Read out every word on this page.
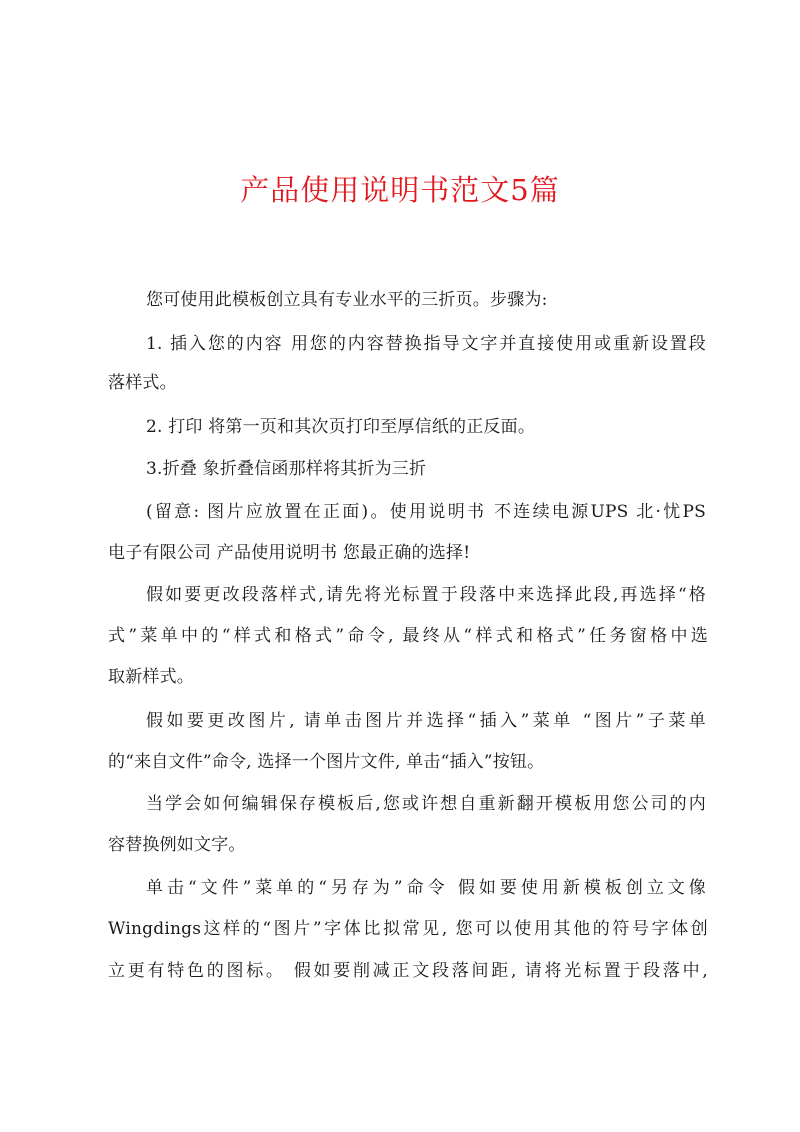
产品使用说明书范文5篇

您可使用此模板创立具有专业水平的三折页。步骤为:

1. 插入您的内容 用您的内容替换指导文字并直接使用或重新设置段

落样式。

2. 打印 将第一页和其次页打印至厚信纸的正反面。

3.折叠 象折叠信函那样将其折为三折

(留意: 图片应放置在正面)。使用说明书 不连续电源UPS 北·忧PS

电子有限公司 产品使用说明书 您最正确的选择!

假如要更改段落样式,请先将光标置于段落中来选择此段,再选择“格

式”菜单中的“样式和格式”命令, 最终从“样式和格式”任务窗格中选

取新样式。

假如要更改图片, 请单击图片并选择“插入”菜单 “图片”子菜单

的“来自文件”命令, 选择一个图片文件, 单击“插入”按钮。

当学会如何编辑保存模板后,您或许想自重新翻开模板用您公司的内

容替换例如文字。

单击“文件”菜单的“另存为”命令 假如要使用新模板创立文像

Wingdings这样的“图片”字体比拟常见, 您可以使用其他的符号字体创

立更有特色的图标。 假如要削减正文段落间距, 请将光标置于段落中,
